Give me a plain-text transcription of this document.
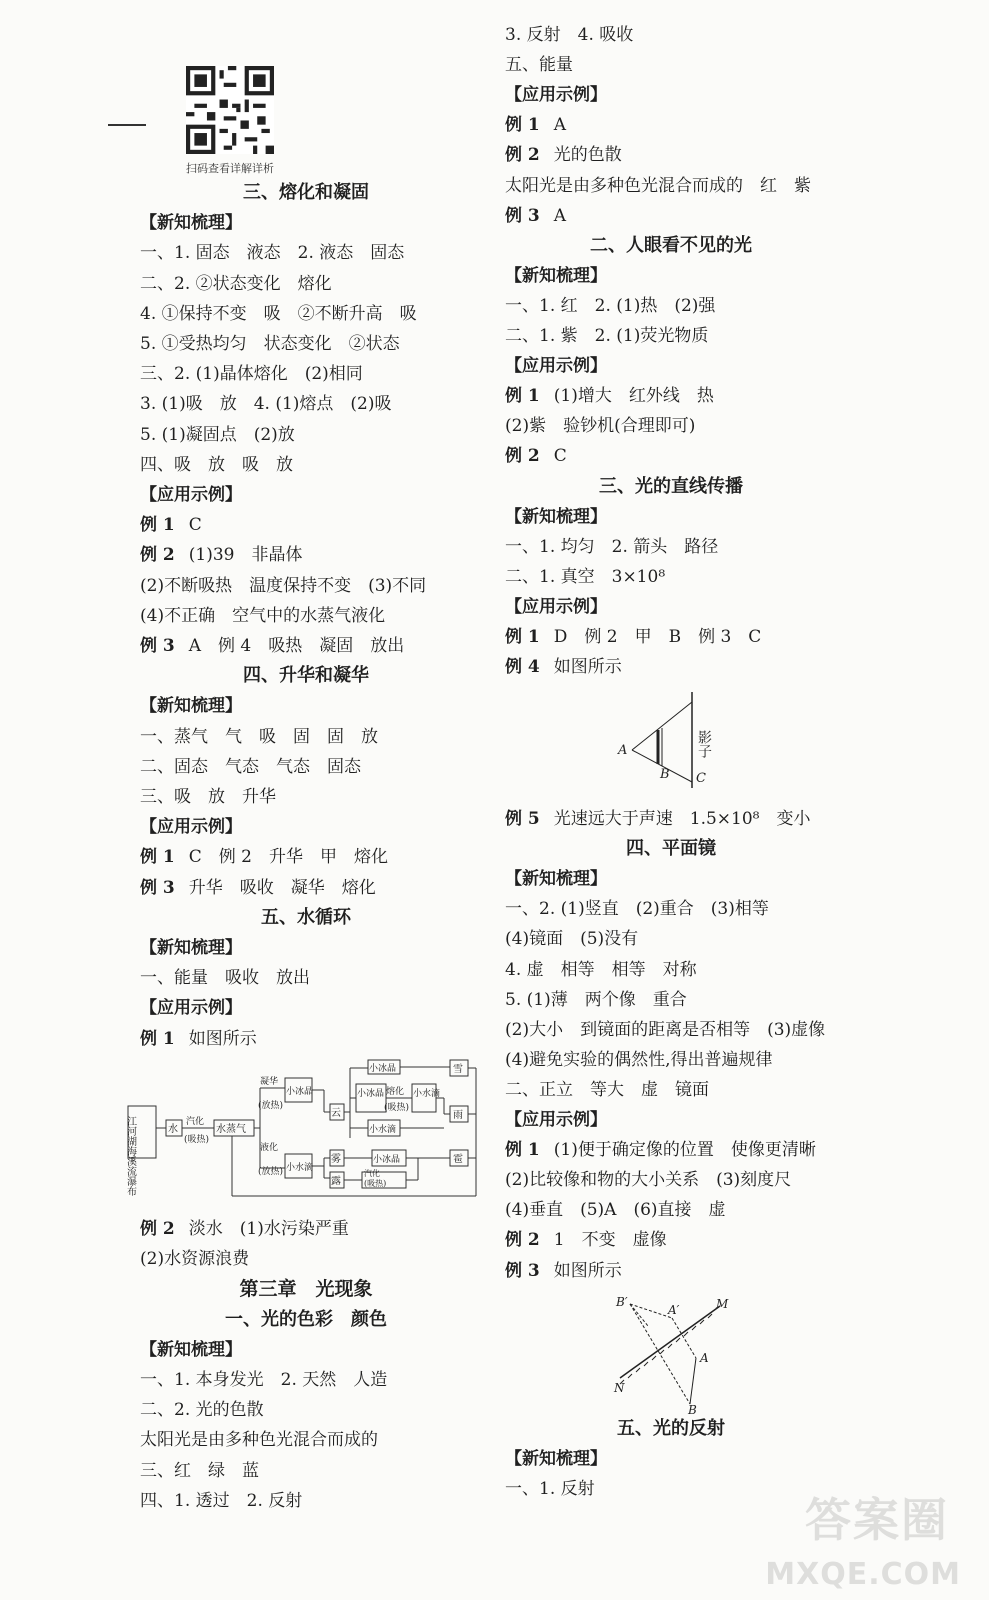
扫码查看详解详析
三、熔化和凝固
【新知梳理】
一、1. 固态　液态　2. 液态　固态
二、2. ②状态变化　熔化
4. ①保持不变　吸　②不断升高　吸
5. ①受热均匀　状态变化　②状态
三、2. (1)晶体熔化　(2)相同
3. (1)吸　放　4. (1)熔点　(2)吸
5. (1)凝固点　(2)放
四、吸　放　吸　放
【应用示例】
例 1 C
例 2 (1)39　非晶体
(2)不断吸热　温度保持不变　(3)不同
(4)不正确　空气中的水蒸气液化
例 3 A　例 4　吸热　凝固　放出
四、升华和凝华
【新知梳理】
一、蒸气　气　吸　固　固　放
二、固态　气态　气态　固态
三、吸　放　升华
【应用示例】
例 1 C　例 2　升华　甲　熔化
例 3 升华　吸收　凝华　熔化
五、水循环
【新知梳理】
一、能量　吸收　放出
【应用示例】
例 1 如图所示
例 2 淡水　(1)水污染严重
(2)水资源浪费
第三章　光现象
一、光的色彩　颜色
【新知梳理】
一、1. 本身发光　2. 天然　人造
二、2. 光的色散
太阳光是由多种色光混合而成的
三、红　绿　蓝
四、1. 透过　2. 反射
3. 反射　4. 吸收
五、能量
【应用示例】
例 1 A
例 2 光的色散
太阳光是由多种色光混合而成的　红　紫
例 3 A
二、人眼看不见的光
【新知梳理】
一、1. 红　2. (1)热　(2)强
二、1. 紫　2. (1)荧光物质
【应用示例】
例 1 (1)增大　红外线　热
(2)紫　验钞机(合理即可)
例 2 C
三、光的直线传播
【新知梳理】
一、1. 均匀　2. 箭头　路径
二、1. 真空　3×10⁸
【应用示例】
例 1 D　例 2　甲　B　例 3　C
例 4 如图所示
例 5 光速远大于声速　1.5×10⁸　变小
四、平面镜
【新知梳理】
一、2. (1)竖直　(2)重合　(3)相等
(4)镜面　(5)没有
4. 虚　相等　相等　对称
5. (1)薄　两个像　重合
(2)大小　到镜面的距离是否相等　(3)虚像
(4)避免实验的偶然性,得出普遍规律
二、正立　等大　虚　镜面
【应用示例】
例 1 (1)便于确定像的位置　使像更清晰
(2)比较像和物的大小关系　(3)刻度尺
(4)垂直　(5)A　(6)直接　虚
例 2 1　不变　虚像
例 3 如图所示
五、光的反射
【新知梳理】
一、1. 反射
江河湖海溪流瀑布	水
汽化
(吸热)
水蒸气
凝华
(放热)
小冰晶
液化
(放热) 小水滴
云
小冰晶
小冰晶 熔化
(吸热)
小水滴
小水滴
小冰晶
雾
露
汽化
(吸热)
雪
雨
雹
A
B C
影子
B′
A′	M
A
N
B
答案圈
MXQE.COM
